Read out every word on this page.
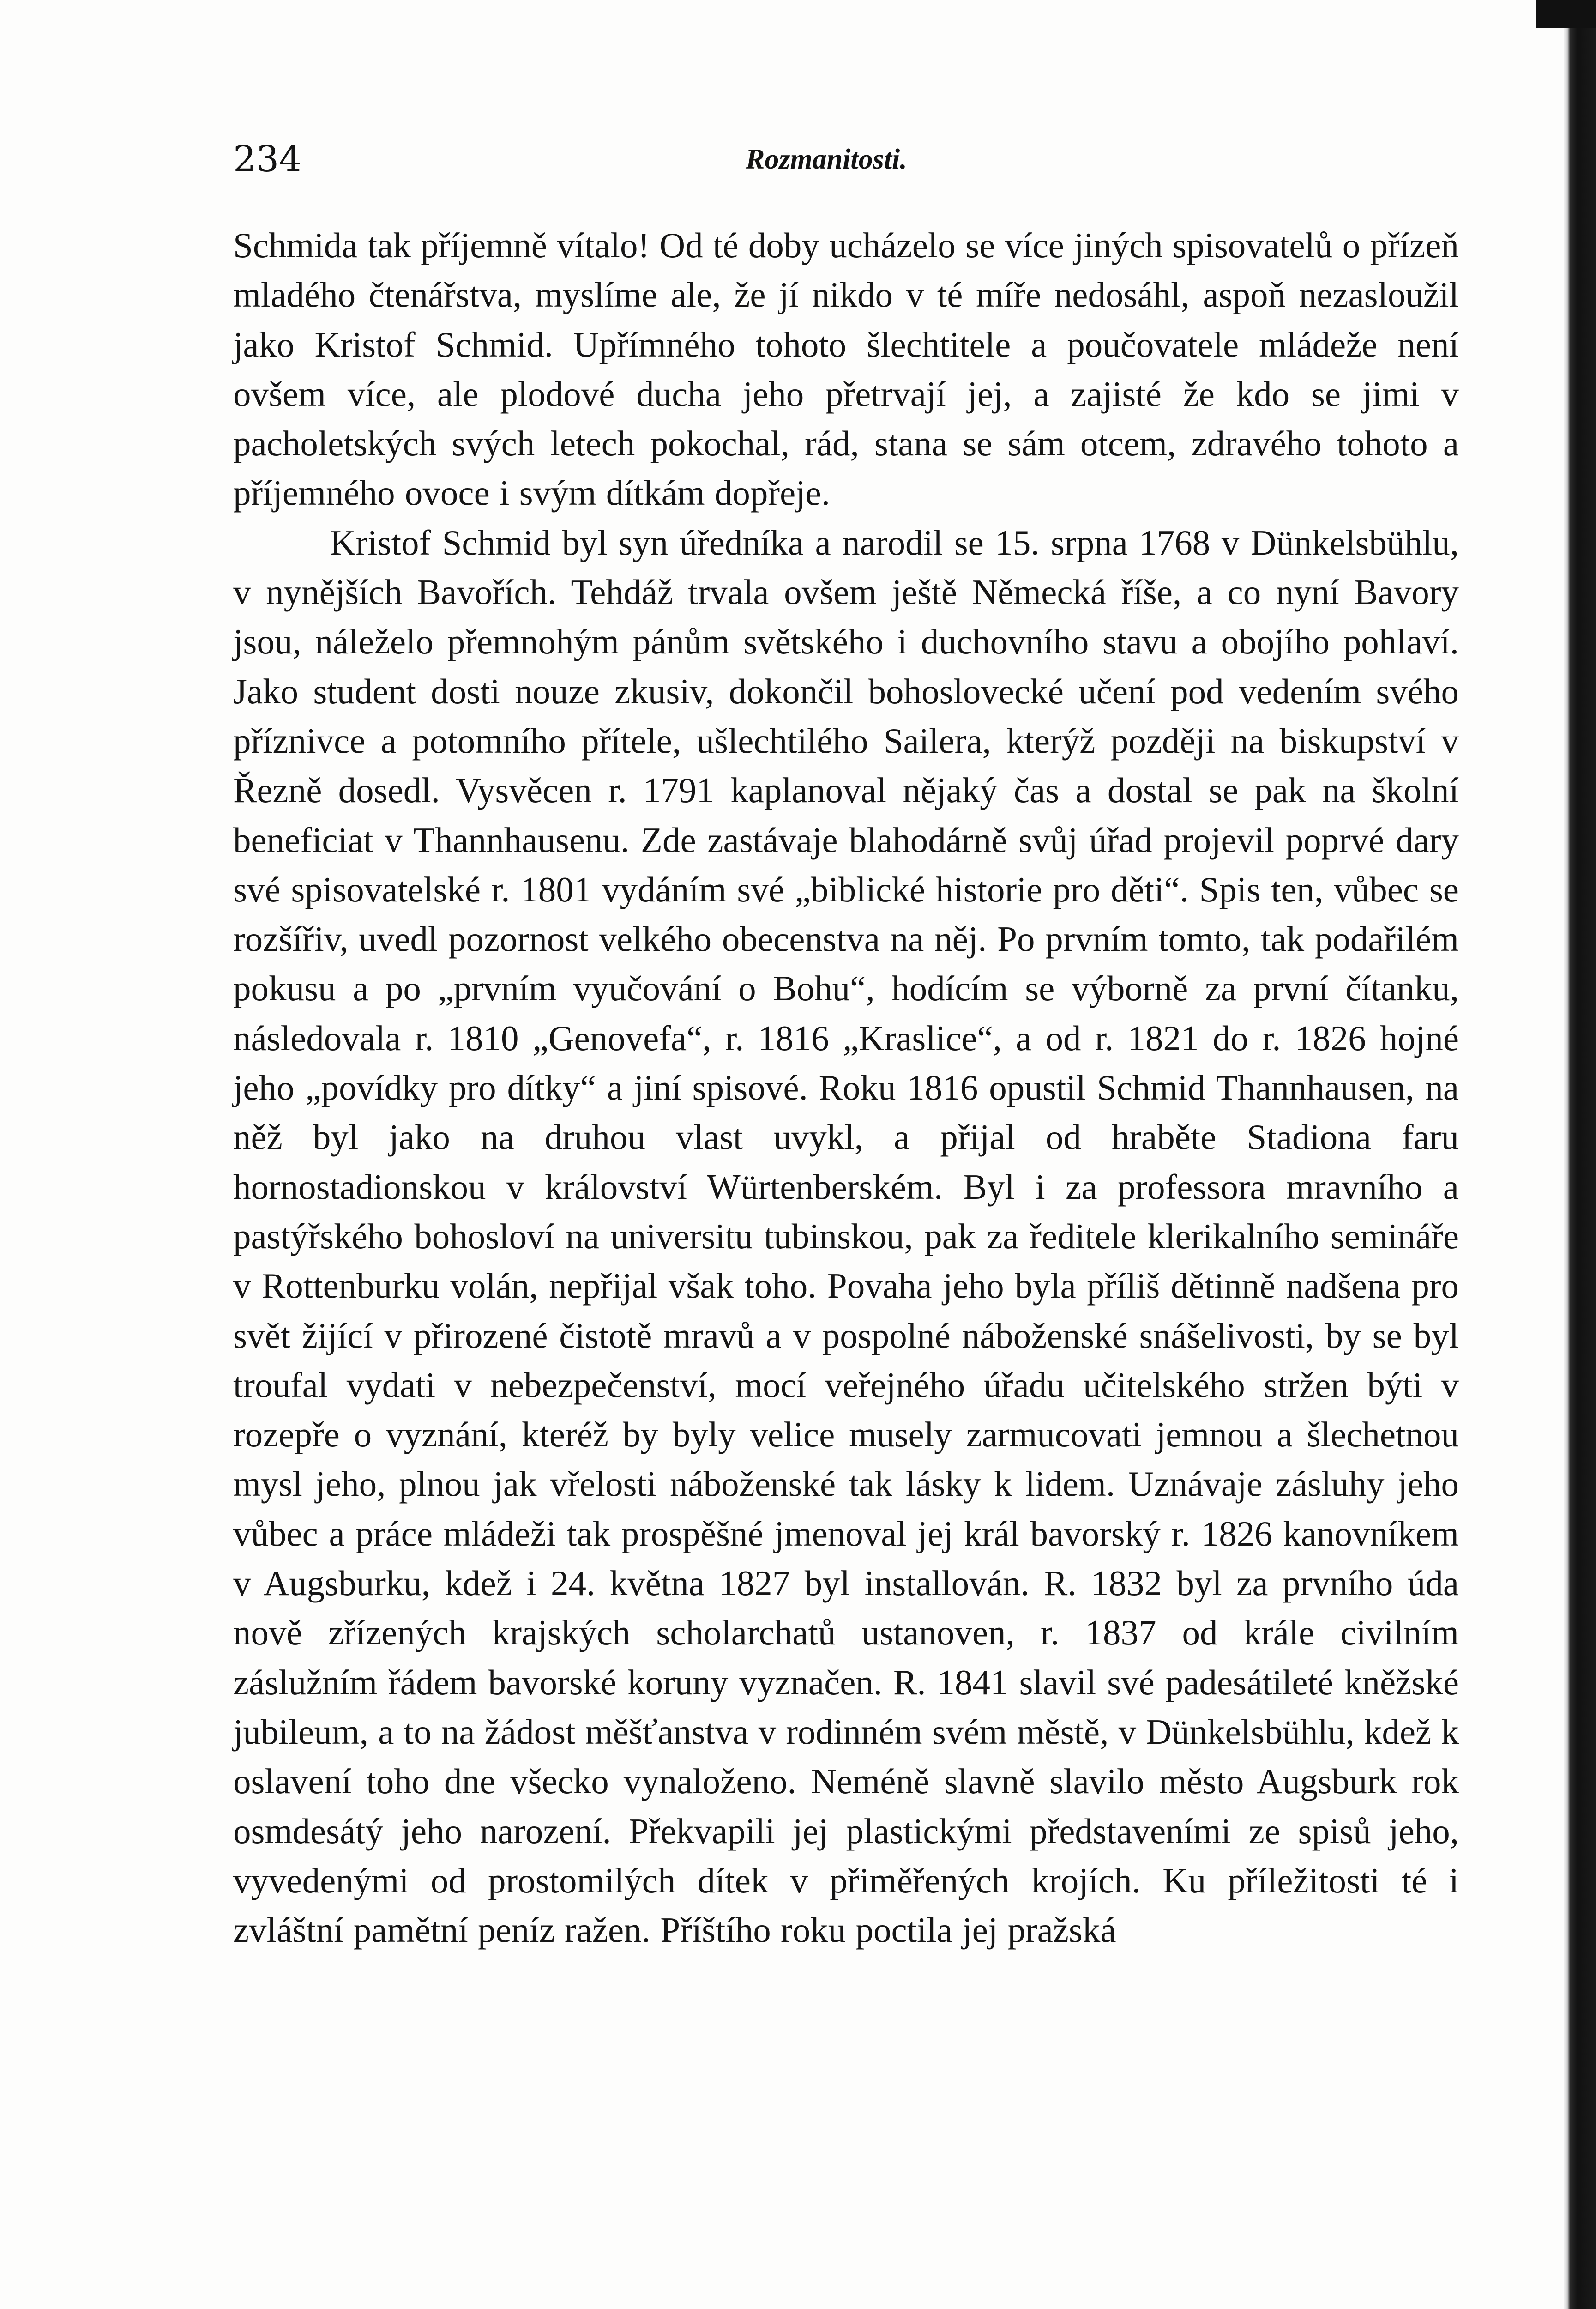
234	Rozmanitosti.

Schmida tak příjemně vítalo! Od té doby ucházelo se více jiných spisovatelů o přízeň mladého čtenářstva, myslíme ale, že jí nikdo v té míře nedosáhl, aspoň nezasloužil jako Kristof Schmid. Upřímného tohoto šlechtitele a poučovatele mládeže není ovšem více, ale plodové ducha jeho přetrvají jej, a zajisté že kdo se jimi v pacholetských svých letech pokochal, rád, stana se sám otcem, zdravého tohoto a příjemného ovoce i svým dítkám dopřeje.

Kristof Schmid byl syn úředníka a narodil se 15. srpna 1768 v Dünkelsbühlu, v nynějších Bavořích. Tehdáž trvala ovšem ještě Německá říše, a co nyní Bavory jsou, náleželo přemnohým pánům světského i duchovního stavu a obojího pohlaví. Jako student dosti nouze zkusiv, dokončil bohoslovecké učení pod vedením svého příznivce a potomního přítele, ušlechtilého Sailera, kterýž později na biskupství v Řezně dosedl. Vysvěcen r. 1791 kaplanoval nějaký čas a dostal se pak na školní beneficiat v Thannhausenu. Zde zastávaje blahodárně svůj úřad projevil poprvé dary své spisovatelské r. 1801 vydáním své „biblické historie pro děti“. Spis ten, vůbec se rozšířiv, uvedl pozornost velkého obecenstva na něj. Po prvním tomto, tak podařilém pokusu a po „prvním vyučování o Bohu“, hodícím se výborně za první čítanku, následovala r. 1810 „Genovefa“, r. 1816 „Kraslice“, a od r. 1821 do r. 1826 hojné jeho „povídky pro dítky“ a jiní spisové. Roku 1816 opustil Schmid Thannhausen, na něž byl jako na druhou vlast uvykl, a přijal od hraběte Stadiona faru hornostadionskou v království Würtenberském. Byl i za professora mravního a pastýřského bohosloví na universitu tubinskou, pak za ředitele klerikalního semináře v Rottenburku volán, nepřijal však toho. Povaha jeho byla příliš dětinně nadšena pro svět žijící v přirozené čistotě mravů a v pospolné náboženské snášelivosti, by se byl troufal vydati v nebezpečenství, mocí veřejného úřadu učitelského stržen býti v rozepře o vyznání, kteréž by byly velice musely zarmucovati jemnou a šlechetnou mysl jeho, plnou jak vřelosti náboženské tak lásky k lidem. Uznávaje zásluhy jeho vůbec a práce mládeži tak prospěšné jmenoval jej král bavorský r. 1826 kanovníkem v Augsburku, kdež i 24. května 1827 byl installován. R. 1832 byl za prvního úda nově zřízených krajských scholarchatů ustanoven, r. 1837 od krále civilním záslužním řádem bavorské koruny vyznačen. R. 1841 slavil své padesátileté kněžské jubileum, a to na žádost měšťanstva v rodinném svém městě, v Dünkelsbühlu, kdež k oslavení toho dne všecko vynaloženo. Neméně slavně slavilo město Augsburk rok osmdesátý jeho narození. Překvapili jej plastickými představeními ze spisů jeho, vyvedenými od prostomilých dítek v přiměřených krojích. Ku příležitosti té i zvláštní pamětní peníz ražen. Příštího roku poctila jej pražská
